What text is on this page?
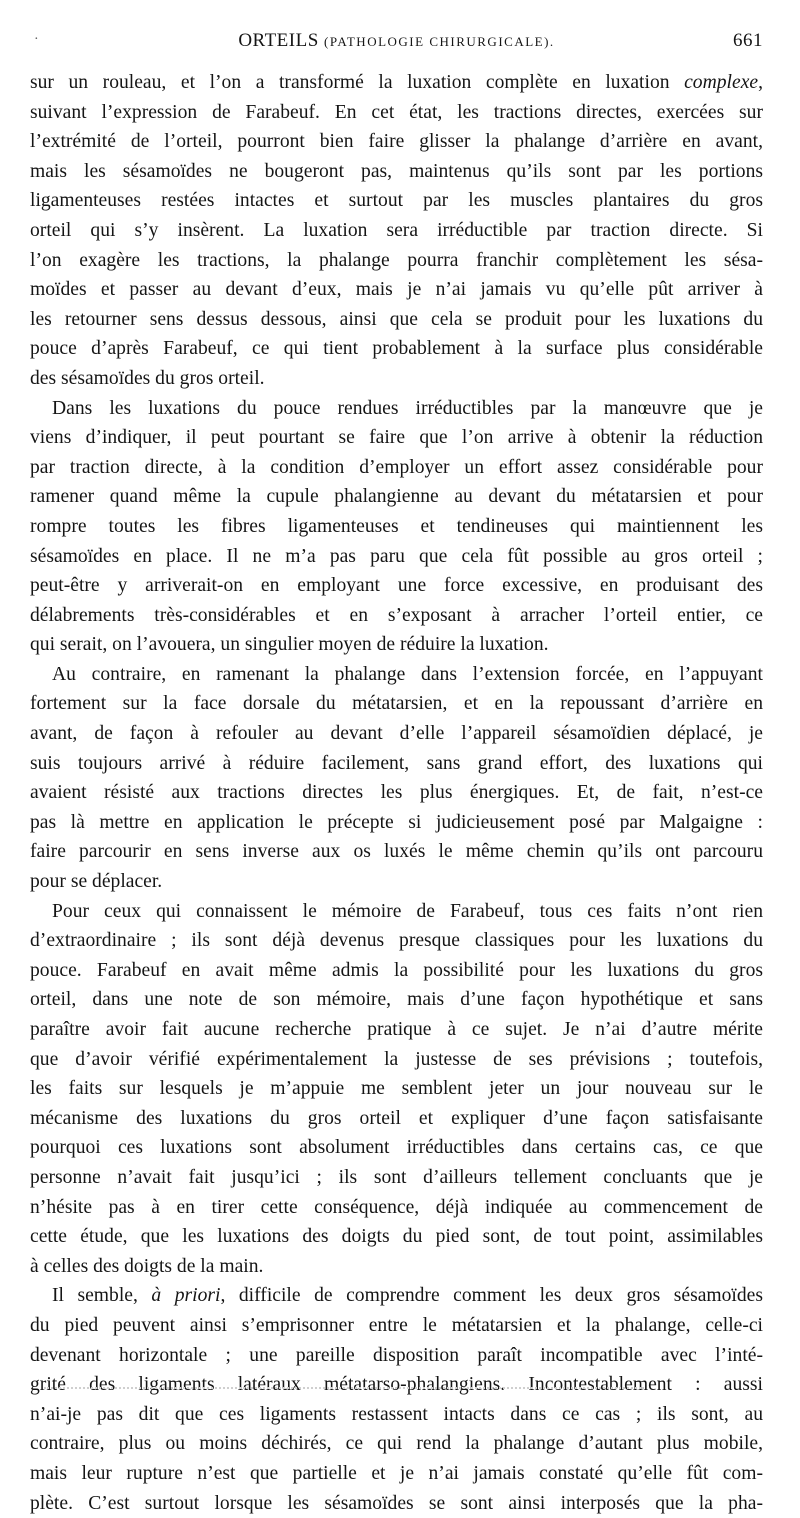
·	ORTEILS (PATHOLOGIE CHIRURGICALE).	661
sur un rouleau, et l’on a transformé la luxation complète en luxation complexe,
suivant l’expression de Farabeuf. En cet état, les tractions directes, exercées sur
l’extrémité de l’orteil, pourront bien faire glisser la phalange d’arrière en avant,
mais les sésamoïdes ne bougeront pas, maintenus qu’ils sont par les portions
ligamenteuses restées intactes et surtout par les muscles plantaires du gros
orteil qui s’y insèrent. La luxation sera irréductible par traction directe. Si
l’on exagère les tractions, la phalange pourra franchir complètement les sésa-
moïdes et passer au devant d’eux, mais je n’ai jamais vu qu’elle pût arriver à
les retourner sens dessus dessous, ainsi que cela se produit pour les luxations du
pouce d’après Farabeuf, ce qui tient probablement à la surface plus considérable
des sésamoïdes du gros orteil.
Dans les luxations du pouce rendues irréductibles par la manœuvre que je
viens d’indiquer, il peut pourtant se faire que l’on arrive à obtenir la réduction
par traction directe, à la condition d’employer un effort assez considérable pour
ramener quand même la cupule phalangienne au devant du métatarsien et pour
rompre toutes les fibres ligamenteuses et tendineuses qui maintiennent les
sésamoïdes en place. Il ne m’a pas paru que cela fût possible au gros orteil ;
peut-être y arriverait-on en employant une force excessive, en produisant des
délabrements très-considérables et en s’exposant à arracher l’orteil entier, ce
qui serait, on l’avouera, un singulier moyen de réduire la luxation.
Au contraire, en ramenant la phalange dans l’extension forcée, en l’appuyant
fortement sur la face dorsale du métatarsien, et en la repoussant d’arrière en
avant, de façon à refouler au devant d’elle l’appareil sésamoïdien déplacé, je
suis toujours arrivé à réduire facilement, sans grand effort, des luxations qui
avaient résisté aux tractions directes les plus énergiques. Et, de fait, n’est-ce
pas là mettre en application le précepte si judicieusement posé par Malgaigne :
faire parcourir en sens inverse aux os luxés le même chemin qu’ils ont parcouru
pour se déplacer.
Pour ceux qui connaissent le mémoire de Farabeuf, tous ces faits n’ont rien
d’extraordinaire ; ils sont déjà devenus presque classiques pour les luxations du
pouce. Farabeuf en avait même admis la possibilité pour les luxations du gros
orteil, dans une note de son mémoire, mais d’une façon hypothétique et sans
paraître avoir fait aucune recherche pratique à ce sujet. Je n’ai d’autre mérite
que d’avoir vérifié expérimentalement la justesse de ses prévisions ; toutefois,
les faits sur lesquels je m’appuie me semblent jeter un jour nouveau sur le
mécanisme des luxations du gros orteil et expliquer d’une façon satisfaisante
pourquoi ces luxations sont absolument irréductibles dans certains cas, ce que
personne n’avait fait jusqu’ici ; ils sont d’ailleurs tellement concluants que je
n’hésite pas à en tirer cette conséquence, déjà indiquée au commencement de
cette étude, que les luxations des doigts du pied sont, de tout point, assimilables
à celles des doigts de la main.
Il semble, à priori, difficile de comprendre comment les deux gros sésamoïdes
du pied peuvent ainsi s’emprisonner entre le métatarsien et la phalange, celle-ci
devenant horizontale ; une pareille disposition paraît incompatible avec l’inté-
grité des ligaments latéraux métatarso-phalangiens. Incontestablement : aussi
n’ai-je pas dit que ces ligaments restassent intacts dans ce cas ; ils sont, au
contraire, plus ou moins déchirés, ce qui rend la phalange d’autant plus mobile,
mais leur rupture n’est que partielle et je n’ai jamais constaté qu’elle fût com-
plète. C’est surtout lorsque les sésamoïdes se sont ainsi interposés que la pha-
